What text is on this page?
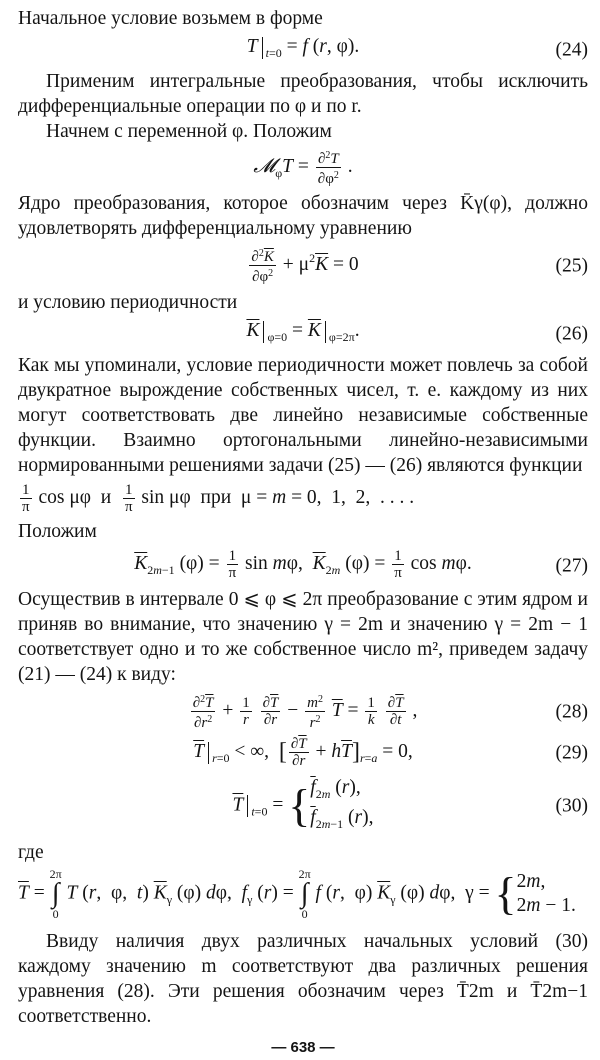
Начальное условие возьмем в форме

T $_{t=0}$ = f (r, φ).	(24)

Применим интегральные преобразования, чтобы исключить дифференциальные операции по φ и по r.

Начнем с переменной φ. Положим

𝓜$_\varphi$T = $\frac{\partial^2T}{\partial\varphi^2}$ .

Ядро преобразования, которое обозначим через K̄γ(φ), должно удовлетворять дифференциальному уравнению

$\frac{\partial^2\overline{K}}{\partial\varphi^2} + \mu^2\overline{K} = 0$	(25)

и условию периодичности

$\overline{K}$ $_{\varphi=0} = \overline{K}$ $_{\varphi=2\pi}$.	(26)

Как мы упоминали, условие периодичности может повлечь за собой двукратное вырождение собственных чисел, т. е. каждому из них могут соответствовать две линейно независимые собственные функции. Взаимно ортогональными линейно-независимыми нормированными решениями задачи (25) — (26) являются функции

$\frac{1}{\pi}$ cos μφ  и $\frac{1}{\pi}$ sin μφ  при  μ = m = 0,  1,  2,  . . . .

Положим

$\overline{K}_{2m-1}$ $(\varphi) = \frac{1}{\pi}$ sin mφ,  $\overline{K}_{2m}$ $(\varphi) = \frac{1}{\pi}$ cos mφ.	(27)

Осуществив в интервале 0 ⩽ φ ⩽ 2π преобразование с этим ядром и приняв во внимание, что значению γ = 2m и значению γ = 2m − 1 соответствует одно и то же собственное число m², приведем задачу (21) — (24) к виду:

$\frac{\partial^2\overline{T}}{\partial r^2} + \frac{1}{r}$
$\frac{\partial\overline{T}}{\partial r} - \frac{m^2}{r^2} \overline{T} = \frac{1}{k}$
$\frac{\partial\overline{T}}{\partial t}$ ,	(28)
$\overline{T}$ $_{r=0}$ < ∞,  [ $\frac{\partial\overline{T}}{\partial r} + h\overline{T}]_{r=a} = 0$,	(29)
$\overline{T}$ $_{t=0}$ = { $\overline{f}_{2m}$ (r),
$\overline{f}_{2m-1}$ (r),
(30)

где

$\overline{T}$ =
2π
∫
0
T (r,  φ,  t) $\overline{K}_\gamma$ (φ) dφ,  $f_\gamma$ (r) =
2π
∫
0
f (r,  φ) $\overline{K}_\gamma$ (φ) dφ,  γ = { 2m,
2m − 1.

Ввиду наличия двух различных начальных условий (30) каждому значению m соответствуют два различных решения уравнения (28). Эти решения обозначим через T̄2m и T̄2m−1 соответственно.

— 638 —
